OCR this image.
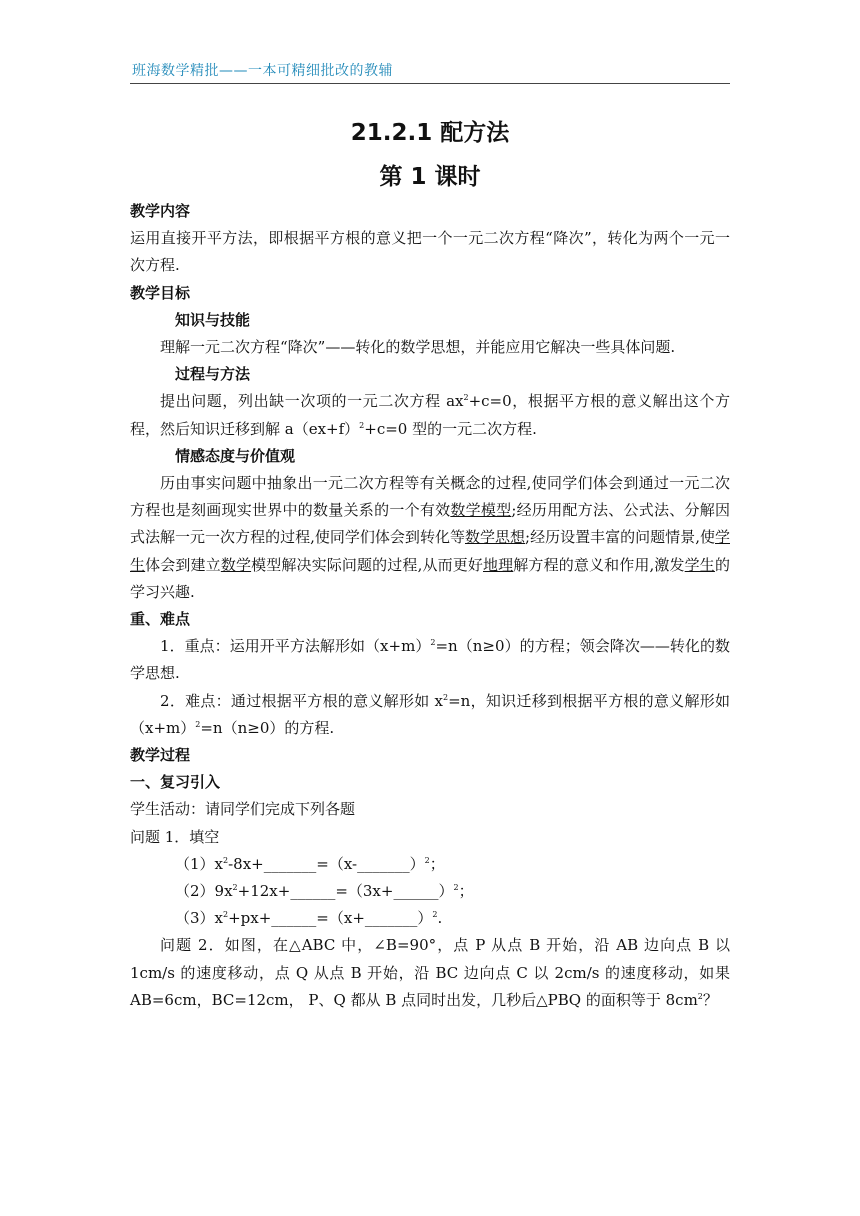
班海数学精批——一本可精细批改的教辅
21.2.1 配方法
第 1 课时

教学内容

运用直接开平方法，即根据平方根的意义把一个一元二次方程“降次”，转化为两个一元一次方程.

教学目标

知识与技能

理解一元二次方程“降次”——转化的数学思想，并能应用它解决一些具体问题.

过程与方法

提出问题，列出缺一次项的一元二次方程 $ax^2+c=0$，根据平方根的意义解出这个方程，然后知识迁移到解 $a(ex+f)^2+c=0$ 型的一元二次方程.

情感态度与价值观

历由事实问题中抽象出一元二次方程等有关概念的过程,使同学们体会到通过一元二次方程也是刻画现实世界中的数量关系的一个有效数学模型;经历用配方法、公式法、分解因式法解一元一次方程的过程,使同学们体会到转化等数学思想;经历设置丰富的问题情景,使学生体会到建立数学模型解决实际问题的过程,从而更好地理解方程的意义和作用,激发学生的学习兴趣.

重、难点

1．重点：运用开平方法解形如$(x+m)^2=n(n\ge 0)$的方程；领会降次——转化的数学思想.

2．难点：通过根据平方根的意义解形如 $x^2=n$，知识迁移到根据平方根的意义解形如$(x+m)^2=n(n\ge 0)$的方程.

教学过程

一、复习引入

学生活动：请同学们完成下列各题

问题 1．填空

$(1)x^2-8x+\_\_\_\_\_\_\_=(x-\_\_\_\_\_\_\_)^2$；

$(2)9x^2+12x+\_\_\_\_\_\_=(3x+\_\_\_\_\_\_)^2$；

$(3)x^2+px+\_\_\_\_\_\_=(x+\_\_\_\_\_\_\_)^2$.

问题 2．如图，在△ABC 中，∠B=90°，点 P 从点 B 开始，沿 AB 边向点 B 以 1cm/s 的速度移动，点 Q 从点 B 开始，沿 BC 边向点 C 以 2cm/s 的速度移动，如果 AB=6cm，BC=12cm， P、Q 都从 B 点同时出发，几秒后△PBQ 的面积等于 $8cm^2$？
